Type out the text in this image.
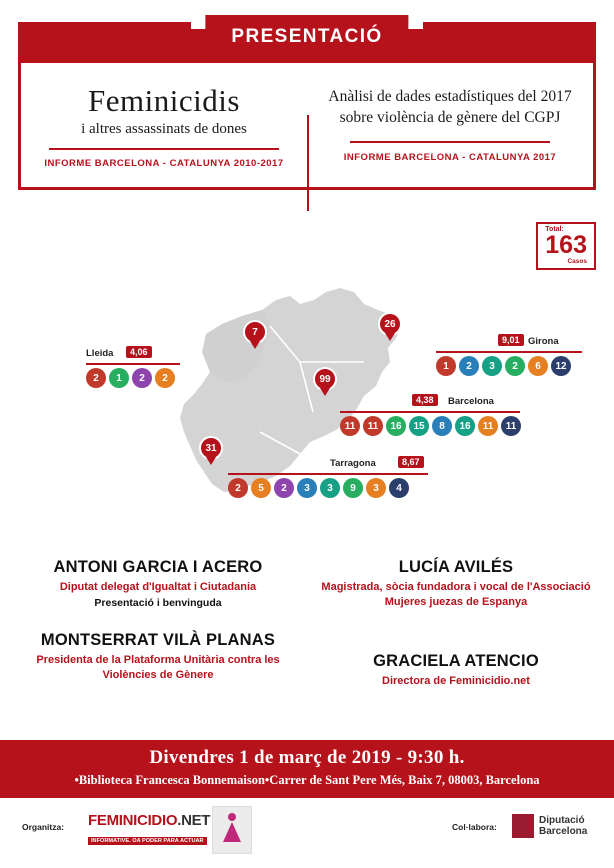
PRESENTACIÓ
Feminicidis
i altres assassinats de dones
INFORME BARCELONA - CATALUNYA 2010-2017
Anàlisi de dades estadístiques del 2017 sobre violència de gènere del CGPJ
INFORME BARCELONA - CATALUNYA 2017
Total:
163
Casos
7
26
99
31
Lleida	4,06
2	1	2	2
Girona
9,01
1	2	3	2	6	12
Barcelona
4,38
11	11	16	15	8	16	11	11
Tarragona	8,67
2	5	2	3	3	9	3	4
ANTONI GARCIA I ACERO
Diputat delegat d'Igualtat i Ciutadania
Presentació i benvinguda
MONTSERRAT VILÀ PLANAS
Presidenta de la Plataforma Unitària contra les Violències de Gènere
LUCÍA AVILÉS
Magistrada, sòcia fundadora i vocal de l'Associació Mujeres juezas de Espanya
GRACIELA ATENCIO
Directora de Feminicidio.net
Divendres 1 de març de 2019 - 9:30 h.
•Biblioteca Francesca Bonnemaison•Carrer de Sant Pere Més, Baix 7, 08003, Barcelona
Organitza: FEMINICIDIO.NET
INFORMATIVE. OA PODER PARA ACTUAR
Col·labora:
Diputació
Barcelona
